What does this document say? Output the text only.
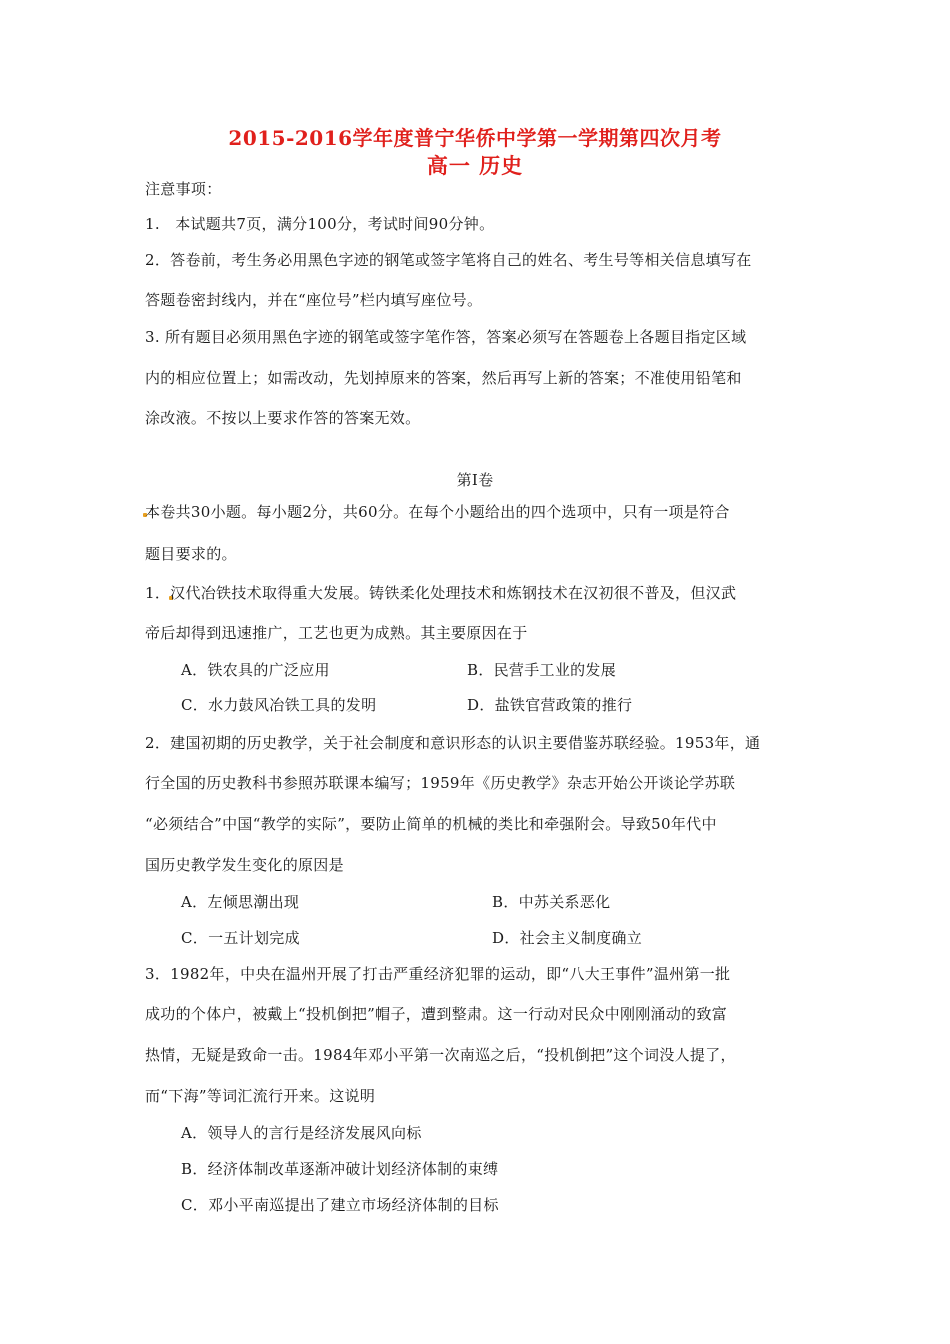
2015-2016学年度普宁华侨中学第一学期第四次月考
高一 历史
注意事项：
1.　本试题共7页，满分100分，考试时间90分钟。
2．答卷前，考生务必用黑色字迹的钢笔或签字笔将自己的姓名、考生号等相关信息填写在
答题卷密封线内，并在“座位号”栏内填写座位号。
3. 所有题目必须用黑色字迹的钢笔或签字笔作答，答案必须写在答题卷上各题目指定区域
内的相应位置上；如需改动，先划掉原来的答案，然后再写上新的答案；不准使用铅笔和
涂改液。不按以上要求作答的答案无效。
第Ⅰ卷
本卷共30小题。每小题2分，共60分。在每个小题给出的四个选项中，只有一项是符合
题目要求的。
1．汉代冶铁技术取得重大发展。铸铁柔化处理技术和炼钢技术在汉初很不普及，但汉武
帝后却得到迅速推广，工艺也更为成熟。其主要原因在于
A．铁农具的广泛应用	B．民营手工业的发展
C．水力鼓风冶铁工具的发明	D．盐铁官营政策的推行
2．建国初期的历史教学，关于社会制度和意识形态的认识主要借鉴苏联经验。1953年，通
行全国的历史教科书参照苏联课本编写；1959年《历史教学》杂志开始公开谈论学苏联
“必须结合”中国“教学的实际”，要防止简单的机械的类比和牵强附会。导致50年代中
国历史教学发生变化的原因是
A．左倾思潮出现	B．中苏关系恶化
C．一五计划完成	D．社会主义制度确立
3．1982年，中央在温州开展了打击严重经济犯罪的运动，即“八大王事件”温州第一批
成功的个体户，被戴上“投机倒把”帽子，遭到整肃。这一行动对民众中刚刚涌动的致富
热情，无疑是致命一击。1984年邓小平第一次南巡之后，“投机倒把”这个词没人提了，
而“下海”等词汇流行开来。这说明
A．领导人的言行是经济发展风向标
B．经济体制改革逐渐冲破计划经济体制的束缚
C．邓小平南巡提出了建立市场经济体制的目标
